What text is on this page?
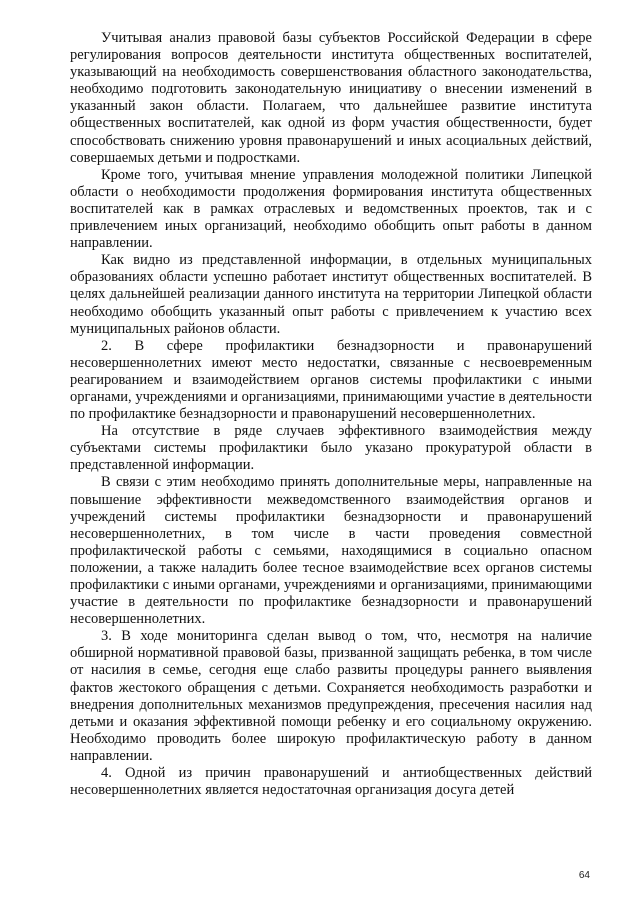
Учитывая анализ правовой базы субъектов Российской Федерации в сфере регулирования вопросов деятельности института общественных воспитателей, указывающий на необходимость совершенствования областного законодательства, необходимо подготовить законодательную инициативу о внесении изменений в указанный закон области. Полагаем, что дальнейшее развитие института общественных воспитателей, как одной из форм участия общественности, будет способствовать снижению уровня правонарушений и иных асоциальных действий, совершаемых детьми и подростками.

Кроме того, учитывая мнение управления молодежной политики Липецкой области о необходимости продолжения формирования института общественных воспитателей как в рамках отраслевых и ведомственных проектов, так и с привлечением иных организаций, необходимо обобщить опыт работы в данном направлении.

Как видно из представленной информации, в отдельных муниципальных образованиях области успешно работает институт общественных воспитателей. В целях дальнейшей реализации данного института на территории Липецкой области необходимо обобщить указанный опыт работы с привлечением к участию всех муниципальных районов области.

2. В сфере профилактики безнадзорности и правонарушений несовершеннолетних имеют место недостатки, связанные с несвоевременным реагированием и взаимодействием органов системы профилактики с иными органами, учреждениями и организациями, принимающими участие в деятельности по профилактике безнадзорности и правонарушений несовершеннолетних.

На отсутствие в ряде случаев эффективного взаимодействия между субъектами системы профилактики было указано прокуратурой области в представленной информации.

В связи с этим необходимо принять дополнительные меры, направленные на повышение эффективности межведомственного взаимодействия органов и учреждений системы профилактики безнадзорности и правонарушений несовершеннолетних, в том числе в части проведения совместной профилактической работы с семьями, находящимися в социально опасном положении, а также наладить более тесное взаимодействие всех органов системы профилактики с иными органами, учреждениями и организациями, принимающими участие в деятельности по профилактике безнадзорности и правонарушений несовершеннолетних.

3. В ходе мониторинга сделан вывод о том, что, несмотря на наличие обширной нормативной правовой базы, призванной защищать ребенка, в том числе от насилия в семье, сегодня еще слабо развиты процедуры раннего выявления фактов жестокого обращения с детьми. Сохраняется необходимость разработки и внедрения дополнительных механизмов предупреждения, пресечения насилия над детьми и оказания эффективной помощи ребенку и его социальному окружению. Необходимо проводить более широкую профилактическую работу в данном направлении.

4. Одной из причин правонарушений и антиобщественных действий несовершеннолетних является недостаточная организация досуга детей

64
